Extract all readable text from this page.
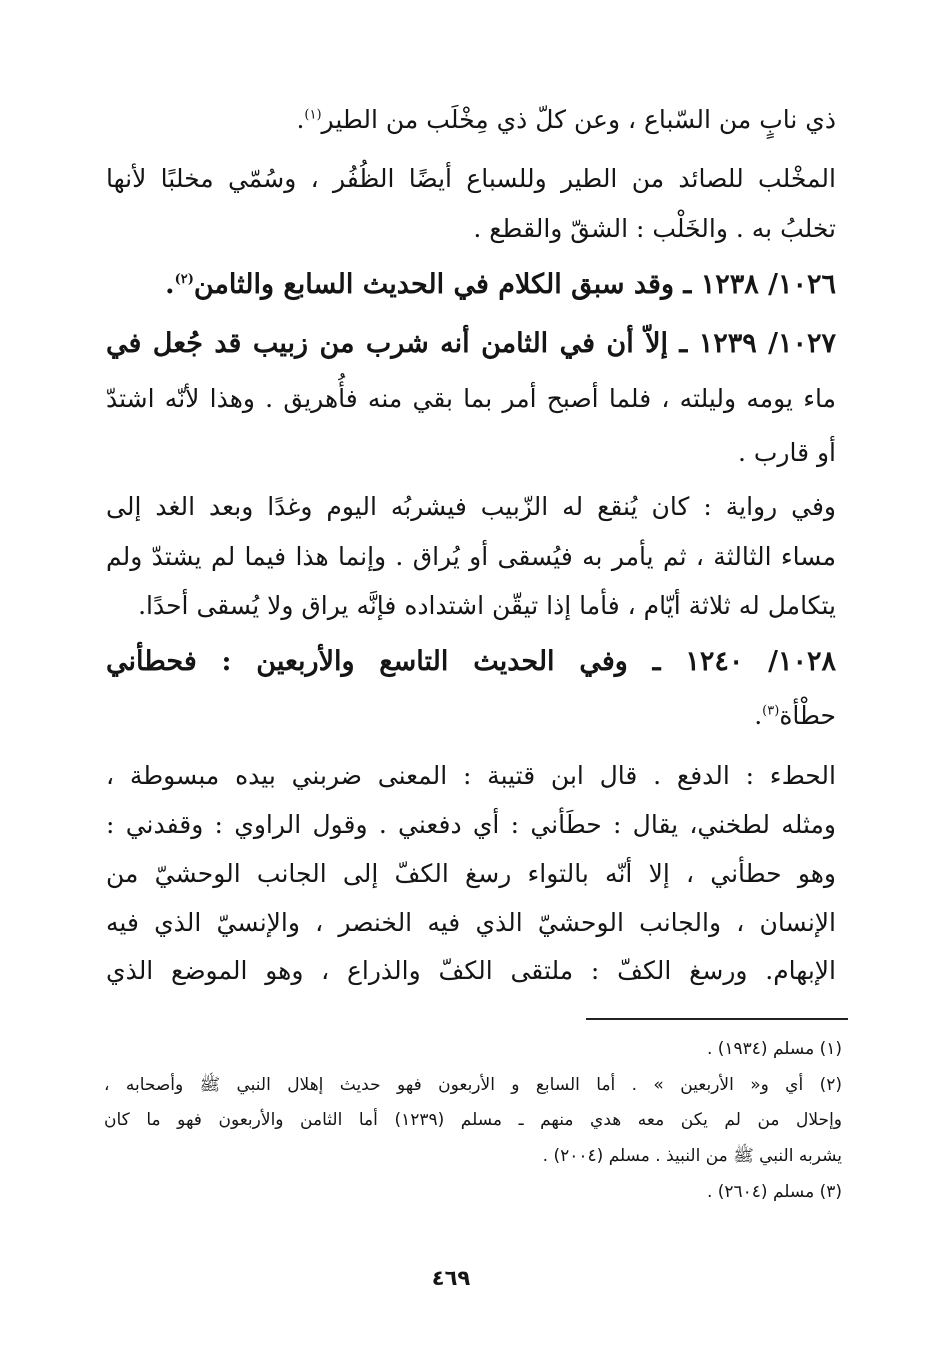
ذي نابٍ من السّباع ، وعن كلّ ذي مِخْلَب من الطير$^{(١)}$.
المخْلب للصائد من الطير وللسباع أيضًا الظُفُر ، وسُمّي مخلبًا لأنها
تخلبُ به . والخَلْب : الشقّ والقطع .
١٠٢٦/ ١٢٣٨ ـ وقد سبق الكلام في الحديث السابع والثامن$^{(٢)}$.
١٠٢٧/ ١٢٣٩ ـ إلاّ أن في الثامن أنه شرب من زبيب قد جُعل في
ماء يومه وليلته ، فلما أصبح أمر بما بقي منه فأُهريق . وهذا لأنّه اشتدّ
أو قارب .
وفي رواية : كان يُنقع له الزّبيب فيشربُه اليوم وغدًا وبعد الغد إلى
مساء الثالثة ، ثم يأمر به فيُسقى أو يُراق . وإنما هذا فيما لم يشتدّ ولم
يتكامل له ثلاثة أيّام ، فأما إذا تيقّن اشتداده فإنَّه يراق ولا يُسقى أحدًا.
١٠٢٨/ ١٢٤٠ ـ وفي الحديث التاسع والأربعين : فحطأني
حطْأة$^{(٣)}$.
الحطء : الدفع . قال ابن قتيبة : المعنى ضربني بيده مبسوطة ،
ومثله لطخني، يقال : حطَأني : أي دفعني . وقول الراوي : وقفدني :
وهو حطأني ، إلا أنّه بالتواء رسغ الكفّ إلى الجانب الوحشيّ من
الإنسان ، والجانب الوحشيّ الذي فيه الخنصر ، والإنسيّ الذي فيه
الإبهام. ورسغ الكفّ : ملتقى الكفّ والذراع ، وهو الموضع الذي
(١) مسلم (١٩٣٤) .
(٢) أي و« الأربعين » . أما السابع و الأربعون فهو حديث إهلال النبي ﷺ وأصحابه ،
وإحلال من لم يكن معه هدي منهم ـ مسلم (١٢٣٩) أما الثامن والأربعون فهو ما كان
يشربه النبي ﷺ من النبيذ . مسلم (٢٠٠٤) .
(٣) مسلم (٢٦٠٤) .
٤٦٩
